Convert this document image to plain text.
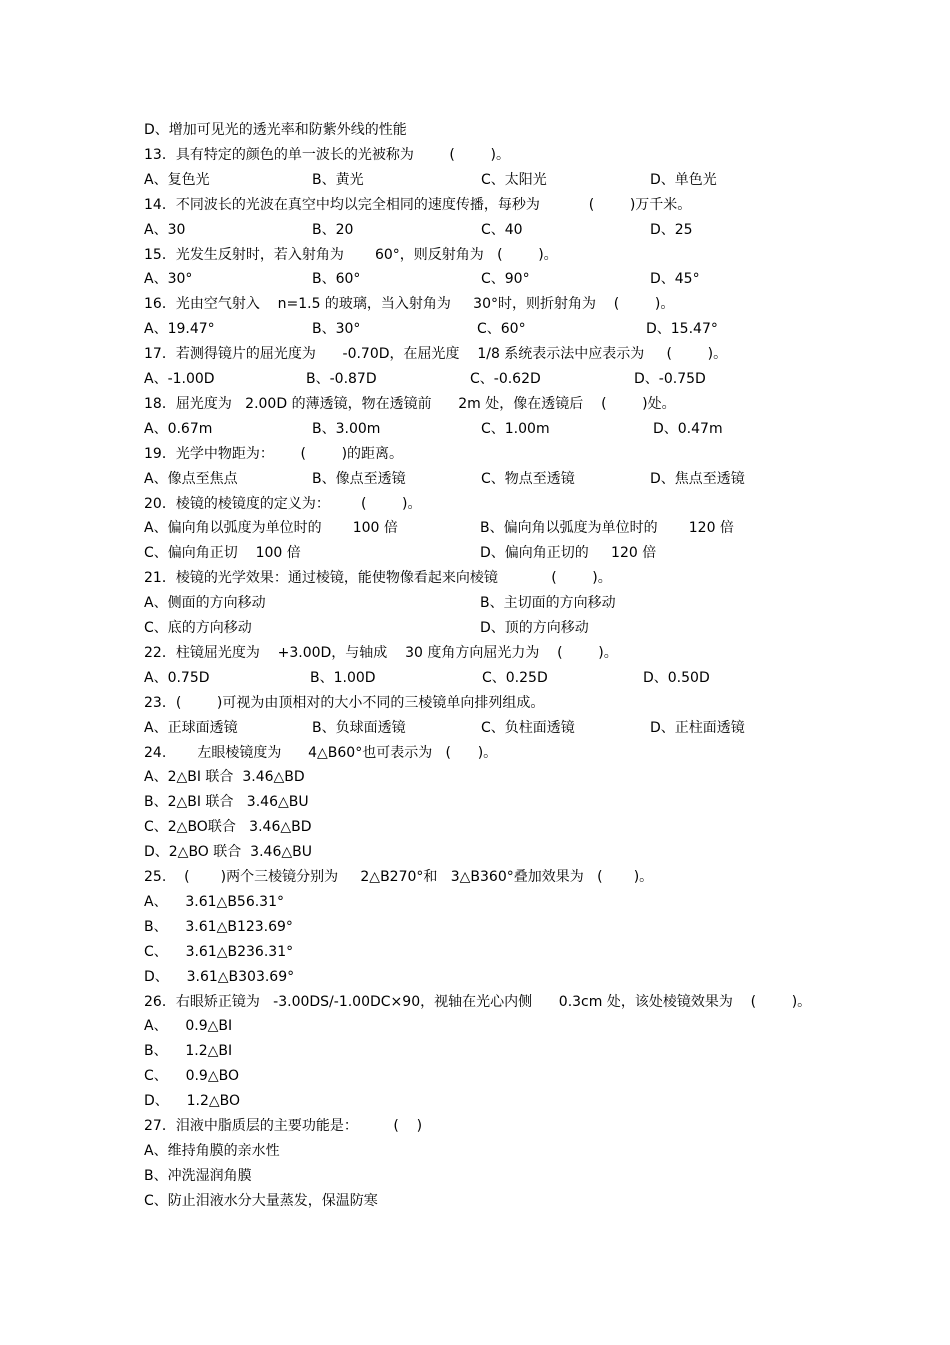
D、增加可见光的透光率和防紫外线的性能
13．具有特定的颜色的单一波长的光被称为        (        )。
A、复色光	B、黄光	C、太阳光	D、单色光
14．不同波长的光波在真空中均以完全相同的速度传播，每秒为           (        )万千米。
A、30	B、20	C、40	D、25
15．光发生反射时，若入射角为       60°，则反射角为   (        )。
A、30°	B、60°	C、90°	D、45°
16．光由空气射入    n=1.5 的玻璃，当入射角为     30°时，则折射角为    (        )。
A、19.47°	B、30°	C、60°	D、15.47°
17．若测得镜片的屈光度为      -0.70D，在屈光度    1/8 系统表示法中应表示为     (        )。
A、-1.00D	B、-0.87D	C、-0.62D	D、-0.75D
18．屈光度为   2.00D 的薄透镜，物在透镜前      2m 处，像在透镜后    (        )处。
A、0.67m	B、3.00m	C、1.00m	D、0.47m
19．光学中物距为：      (        )的距离。
A、像点至焦点	B、像点至透镜	C、物点至透镜	D、焦点至透镜
20．棱镜的棱镜度的定义为：       (        )。
A、偏向角以弧度为单位时的       100 倍	B、偏向角以弧度为单位时的       120 倍
C、偏向角正切    100 倍	D、偏向角正切的     120 倍
21．棱镜的光学效果：通过棱镜，能使物像看起来向棱镜            (        )。
A、侧面的方向移动	B、主切面的方向移动
C、底的方向移动	D、顶的方向移动
22．柱镜屈光度为    +3.00D，与轴成    30 度角方向屈光力为    (        )。
A、0.75D	B、1.00D	C、0.25D	D、0.50D
23．(        )可视为由顶相对的大小不同的三棱镜单向排列组成。
A、正球面透镜	B、负球面透镜	C、负柱面透镜	D、正柱面透镜
24.       左眼棱镜度为      4△B60°也可表示为   (      )。
A、2△BI 联合  3.46△BD
B、2△BI 联合   3.46△BU
C、2△BO联合   3.46△BD
D、2△BO 联合  3.46△BU
25.    (       )两个三棱镜分别为     2△B270°和   3△B360°叠加效果为   (       )。
A、    3.61△B56.31°
B、    3.61△B123.69°
C、    3.61△B236.31°
D、    3.61△B303.69°
26．右眼矫正镜为   -3.00DS/-1.00DC×90，视轴在光心内侧      0.3cm 处，该处棱镜效果为    (        )。
A、    0.9△BI
B、    1.2△BI
C、    0.9△BO
D、    1.2△BO
27．泪液中脂质层的主要功能是：        (    )
A、维持角膜的亲水性
B、冲洗湿润角膜
C、防止泪液水分大量蒸发，保温防寒
